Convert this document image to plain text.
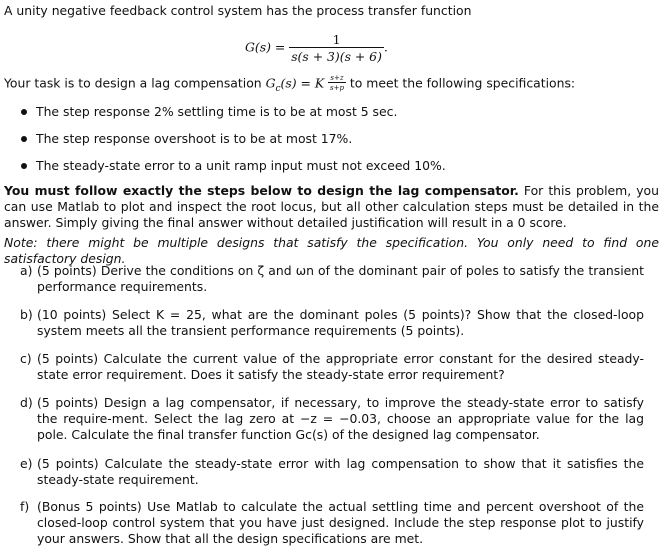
A unity negative feedback control system has the process transfer function
$G(s) = \frac{1}{s(s + 3)(s + 6)}$ .
Your task is to design a lag compensation $G_c(s) = K \frac{s+z}{s+p}$ to meet the following specifications:
The step response 2% settling time is to be at most 5 sec.
The step response overshoot is to be at most 17%.
The steady-state error to a unit ramp input must not exceed 10%.
You must follow exactly the steps below to design the lag compensator. For this problem, you can use Matlab to plot and inspect the root locus, but all other calculation steps must be detailed in the answer. Simply giving the final answer without detailed justification will result in a 0 score.
Note: there might be multiple designs that satisfy the specification. You only need to find one satisfactory design.
a) (5 points) Derive the conditions on ζ and ωn of the dominant pair of poles to satisfy the transient performance requirements.
b) (10 points) Select K = 25, what are the dominant poles (5 points)? Show that the closed-loop system meets all the transient performance requirements (5 points).
c) (5 points) Calculate the current value of the appropriate error constant for the desired steady-state error requirement. Does it satisfy the steady-state error requirement?
d) (5 points) Design a lag compensator, if necessary, to improve the steady-state error to satisfy the require-ment. Select the lag zero at −z = −0.03, choose an appropriate value for the lag pole. Calculate the final transfer function Gc(s) of the designed lag compensator.
e) (5 points) Calculate the steady-state error with lag compensation to show that it satisfies the steady-state requirement.
f) (Bonus 5 points) Use Matlab to calculate the actual settling time and percent overshoot of the closed-loop control system that you have just designed. Include the step response plot to justify your answers. Show that all the design specifications are met.
